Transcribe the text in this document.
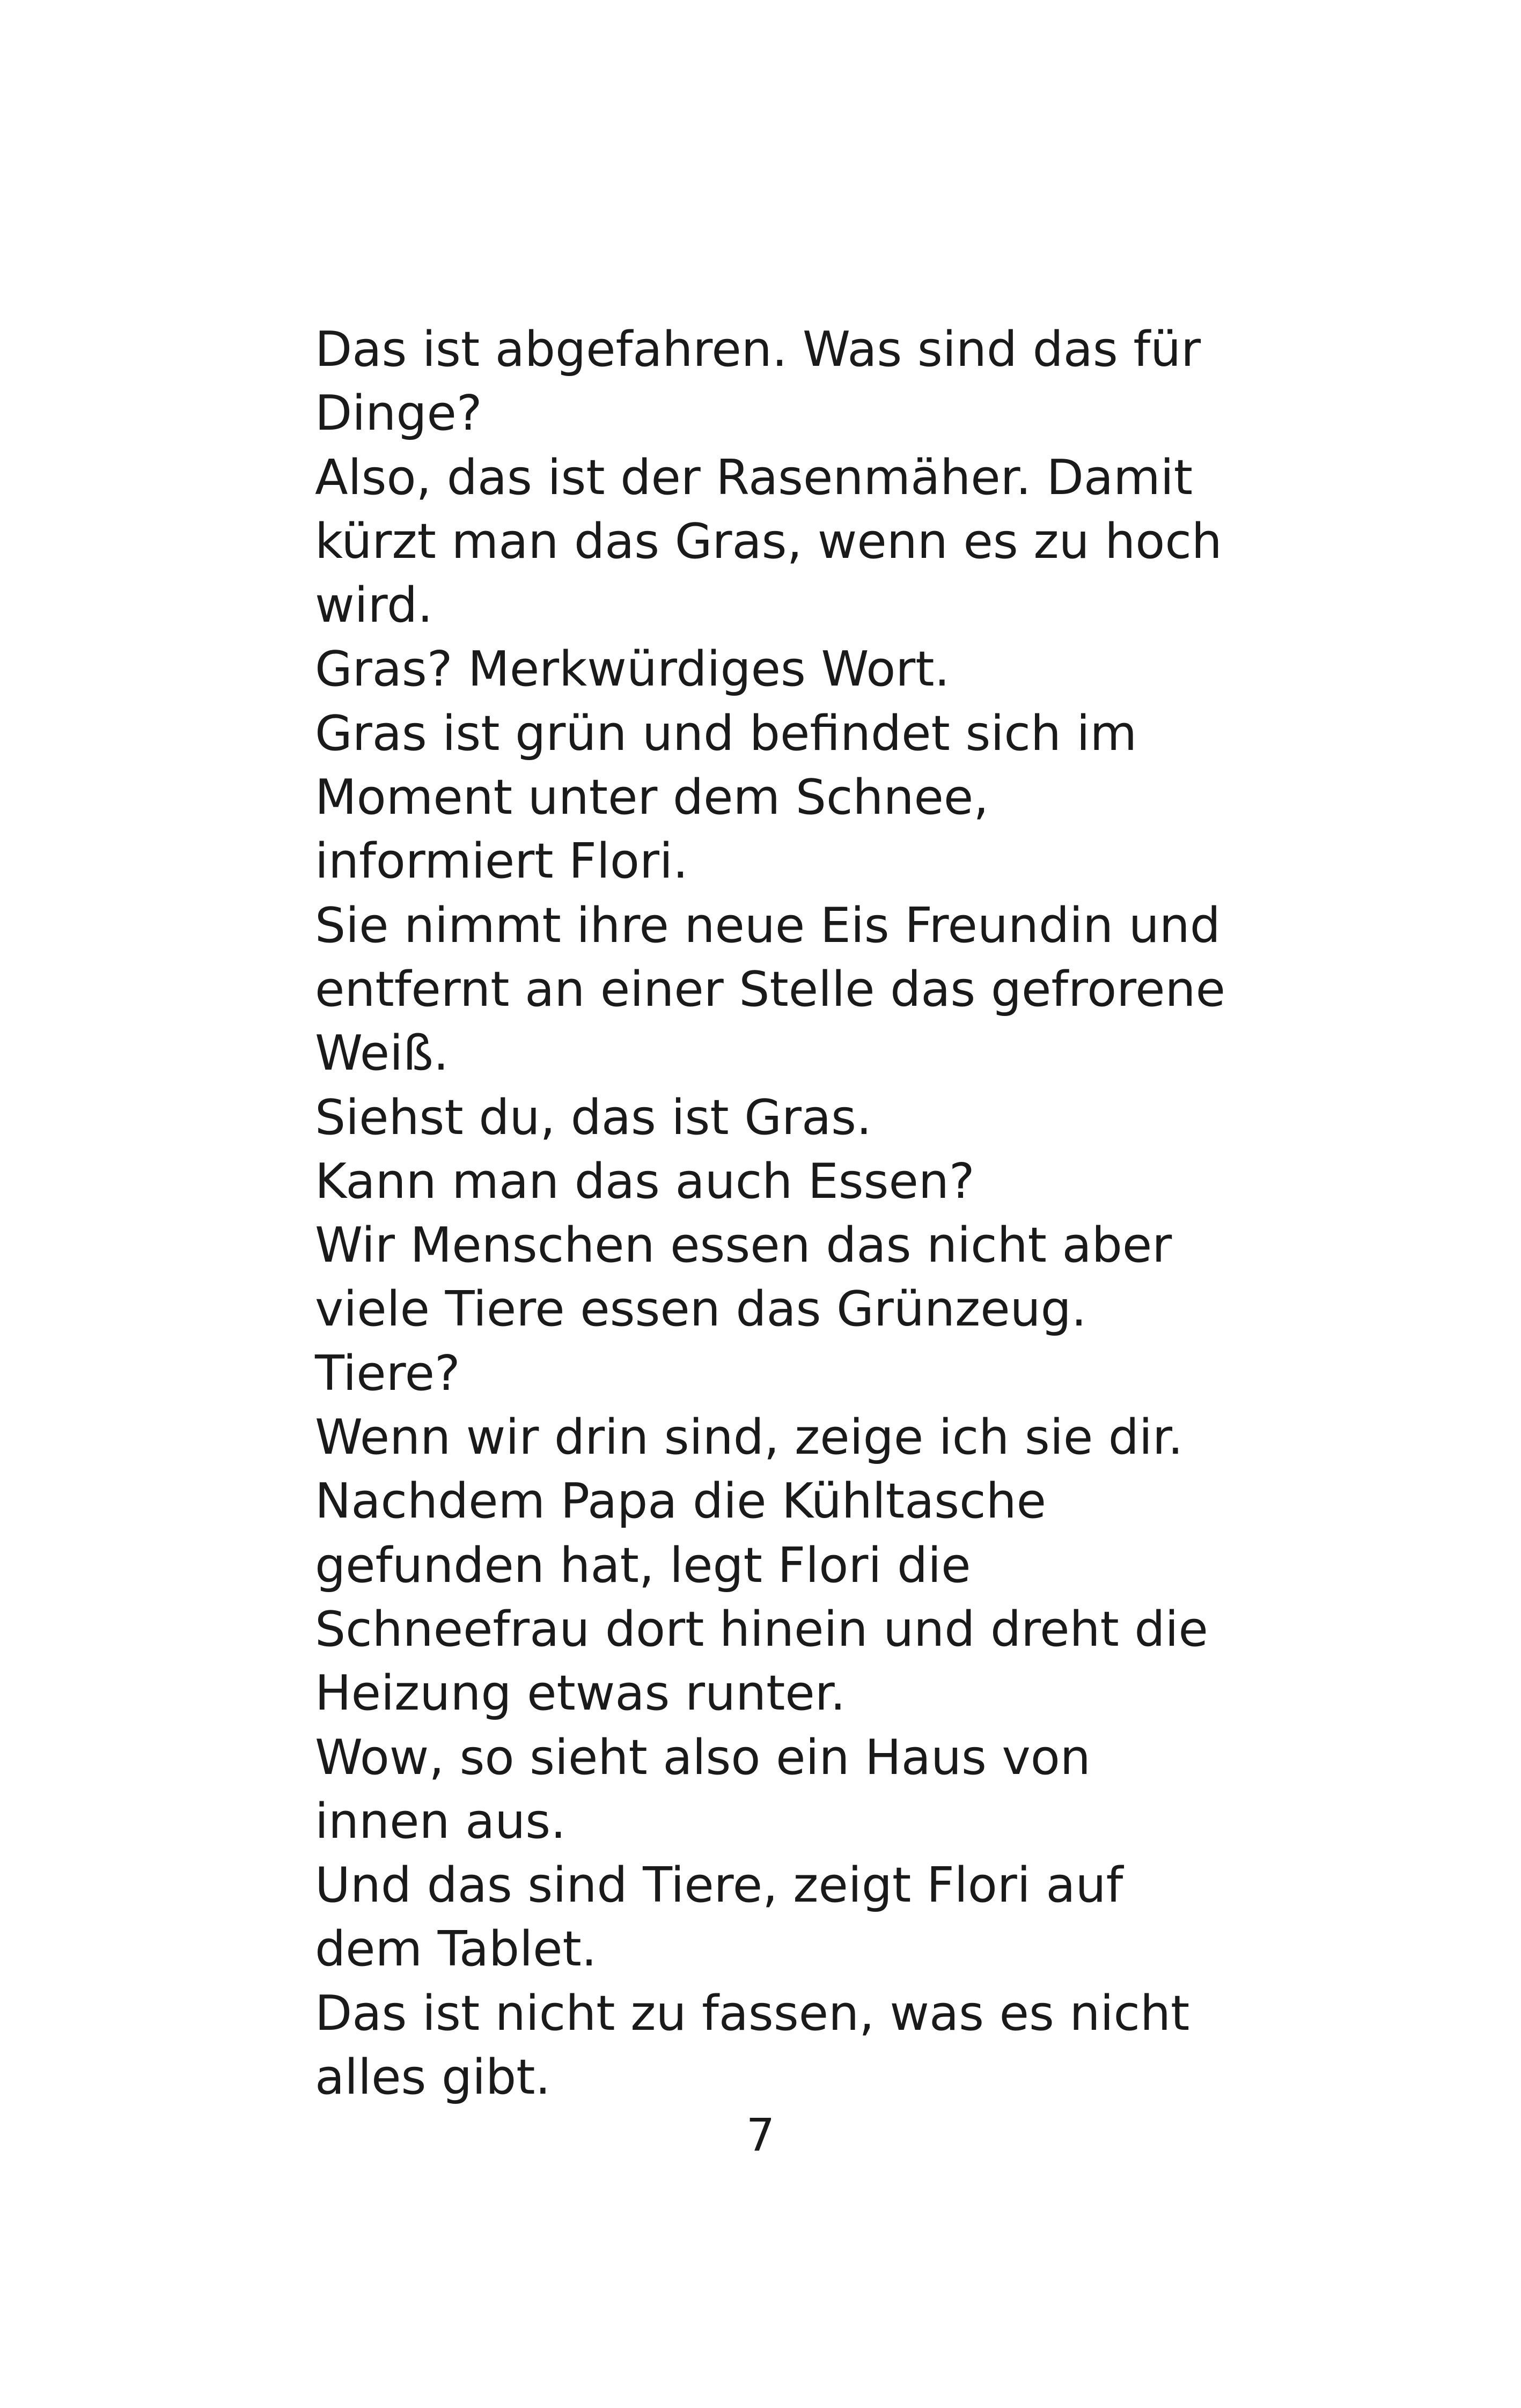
Das ist abgefahren. Was sind das für
Dinge?
Also, das ist der Rasenmäher. Damit
kürzt man das Gras, wenn es zu hoch
wird.
Gras? Merkwürdiges Wort.
Gras ist grün und befindet sich im
Moment unter dem Schnee,
informiert Flori.
Sie nimmt ihre neue Eis Freundin und
entfernt an einer Stelle das gefrorene
Weiß.
Siehst du, das ist Gras.
Kann man das auch Essen?
Wir Menschen essen das nicht aber
viele Tiere essen das Grünzeug.
Tiere?
Wenn wir drin sind, zeige ich sie dir.
Nachdem Papa die Kühltasche
gefunden hat, legt Flori die
Schneefrau dort hinein und dreht die
Heizung etwas runter.
Wow, so sieht also ein Haus von
innen aus.
Und das sind Tiere, zeigt Flori auf
dem Tablet.
Das ist nicht zu fassen, was es nicht
alles gibt.
7
